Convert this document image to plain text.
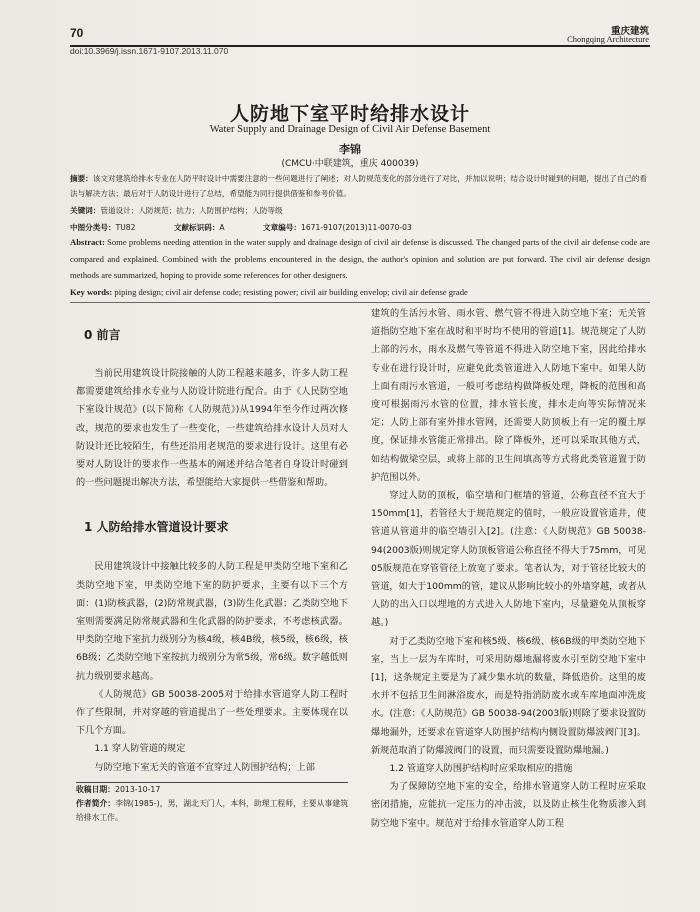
70	重庆建筑
Chongqing Architecture
doi:10.3969/j.issn.1671-9107.2013.11.070
人防地下室平时给排水设计
Water Supply and Drainage Design of Civil Air Defense Basement
李锦
(CMCU·中联建筑，重庆 400039)
摘要：该文对建筑给排水专业在人防平时设计中需要注意的一些问题进行了阐述；对人防规范变化的部分进行了对比，并加以说明；结合设计时碰到的问题，提出了自己的看法与解决方法；最后对于人防设计进行了总结，希望能为同行提供借鉴和参考价值。
关键词：管道设计；人防规范；抗力；人防围护结构；人防等级
中图分类号：TU82	文献标识码：A	文章编号：1671-9107(2013)11-0070-03
Abstract: Some problems needing attention in the water supply and drainage design of civil air defense is discussed. The changed parts of the civil air defense code are compared and explained. Combined with the problems encountered in the design, the author's opinion and solution are put forward. The civil air defense design methods are summarized, hoping to provide some references for other designers.
Key words: piping design; civil air defense code; resisting power; civil air building envelop; civil air defense grade
0 前言

当前民用建筑设计院接触的人防工程越来越多，许多人防工程都需要建筑给排水专业与人防设计院进行配合。由于《人民防空地下室设计规范》(以下简称《人防规范》)从1994年至今作过两次修改，规范的要求也发生了一些变化，一些建筑给排水设计人员对人防设计还比较陌生，有些还沿用老规范的要求进行设计。这里有必要对人防设计的要求作一些基本的阐述并结合笔者自身设计时碰到的一些问题提出解决方法，希望能给大家提供一些借鉴和帮助。

1 人防给排水管道设计要求

民用建筑设计中接触比较多的人防工程是甲类防空地下室和乙类防空地下室，甲类防空地下室的防护要求，主要有以下三个方面：(1)防核武器，(2)防常规武器，(3)防生化武器；乙类防空地下室则需要满足防常规武器和生化武器的防护要求，不考虑核武器。甲类防空地下室抗力级别分为核4级，核4B级，核5级，核6级，核6B级；乙类防空地下室按抗力级别分为常5级，常6级。数字越低则抗力级别要求越高。

《人防规范》GB 50038-2005对于给排水管道穿人防工程时作了些限制，并对穿越的管道提出了一些处理要求。主要体现在以下几个方面。

1.1 穿人防管道的规定

与防空地下室无关的管道不宜穿过人防围护结构；上部

收稿日期：2013-10-17

作者简介：李锦(1985-)，男，湖北天门人，本科，助理工程师，主要从事建筑给排水工作。

建筑的生活污水管、雨水管、燃气管不得进入防空地下室；无关管道指防空地下室在战时和平时均不使用的管道[1]。规范规定了人防上部的污水，雨水及燃气等管道不得进入防空地下室，因此给排水专业在进行设计时，应避免此类管道进入人防地下室中。如果人防上面有雨污水管道，一般可考虑结构做降板处理，降板的范围和高度可根据雨污水管的位置，排水管长度，排水走向等实际情况来定；人防上部有室外排水管网，还需要人防顶板上有一定的覆土厚度，保证排水管能正常排出。除了降板外，还可以采取其他方式，如结构做梁空层，或将上部的卫生间填高等方式将此类管道置于防护范围以外。

穿过人防的顶板，临空墙和门框墙的管道，公称直径不宜大于150mm[1]，若管径大于规范规定的值时，一般应设置管道井，使管道从管道井的临空墙引入[2]。(注意：《人防规范》GB 50038-94(2003版)则规定穿人防顶板管道公称直径不得大于75mm，可见05版规范在穿管管径上放宽了要求。笔者认为，对于管径比较大的管道，如大于100mm的管，建议从影响比较小的外墙穿越，或者从人防的出入口以埋地的方式进入人防地下室内，尽量避免从顶板穿越。)

对于乙类防空地下室和核5级、核6级、核6B级的甲类防空地下室，当上一层为车库时，可采用防爆地漏将废水引至防空地下室中[1]，这条规定主要是为了减少集水坑的数量，降低造价。这里的废水并不包括卫生间淋浴废水，而是特指消防废水或车库地面冲洗废水。(注意：《人防规范》GB 50038-94(2003版)则除了要求设置防爆地漏外，还要求在管道穿人防围护结构内侧设置防爆波阀门[3]。新规范取消了防爆波阀门的设置，而只需要设置防爆地漏。)

1.2 管道穿人防围护结构时应采取相应的措施

为了保障防空地下室的安全，给排水管道穿人防工程时应采取密闭措施，应能抗一定压力的冲击波，以及防止核生化物质渗入到防空地下室中。规范对于给排水管道穿人防工程
